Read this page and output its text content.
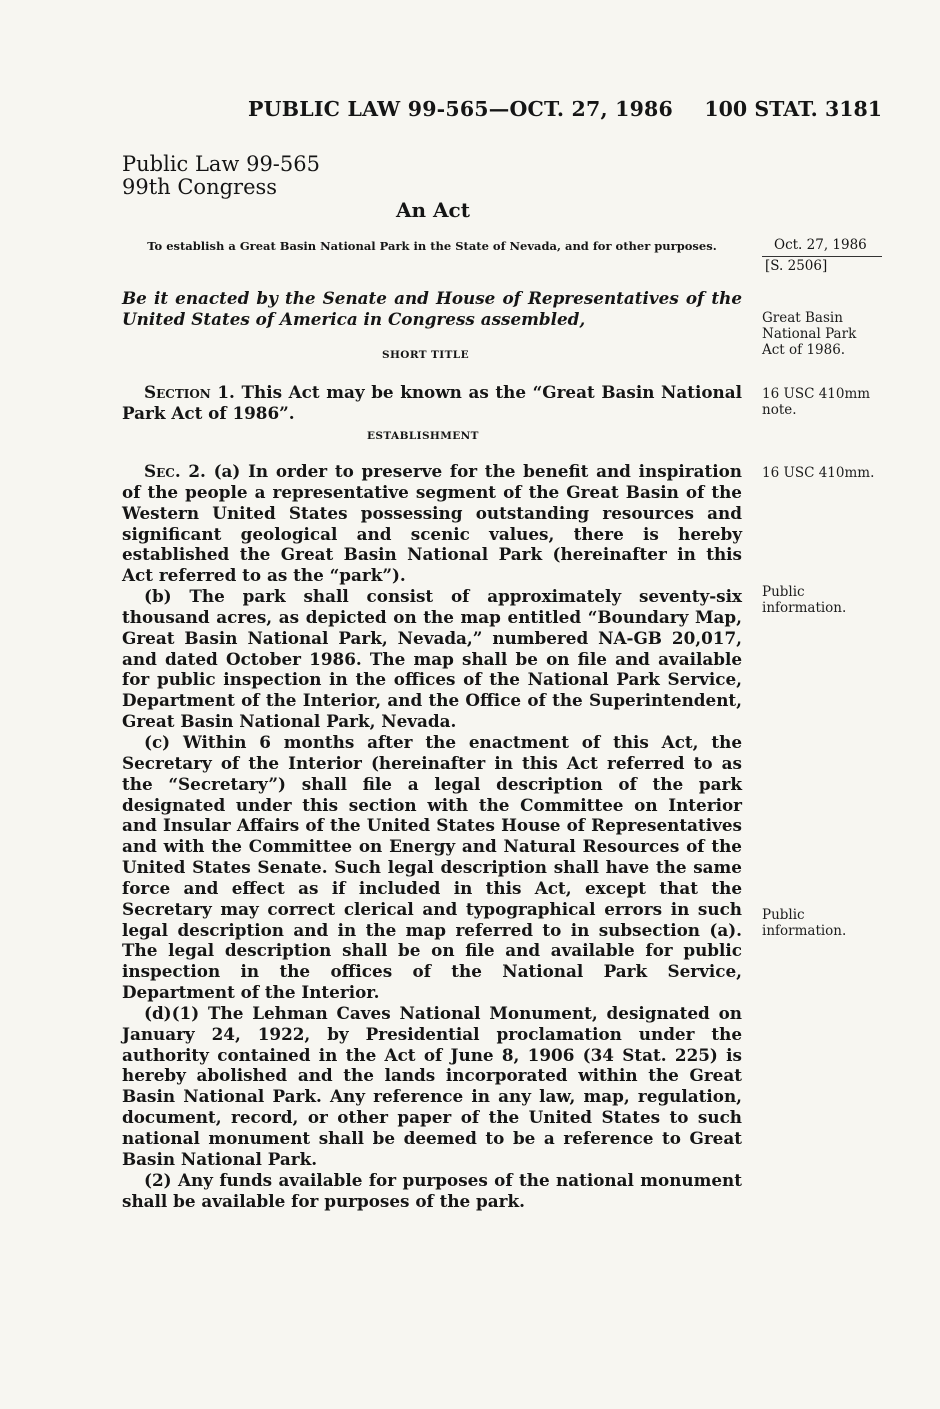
PUBLIC LAW 99-565—OCT. 27, 1986 100 STAT. 3181
Public Law 99-565
99th Congress
An Act
To establish a Great Basin National Park in the State of Nevada, and for other purposes.	Oct. 27, 1986
[S. 2506]
Be it enacted by the Senate and House of Representatives of the United States of America in Congress assembled,	Great Basin National Park Act of 1986.
SHORT TITLE
Section 1. This Act may be known as the “Great Basin National Park Act of 1986”.
16 USC 410mm note.
ESTABLISHMENT
16 USC 410mm.

Sec. 2. (a) In order to preserve for the benefit and inspiration of the people a representative segment of the Great Basin of the Western United States possessing outstanding resources and significant geological and scenic values, there is hereby established the Great Basin National Park (hereinafter in this Act referred to as the “park”).

(b) The park shall consist of approximately seventy-six thousand acres, as depicted on the map entitled “Boundary Map, Great Basin National Park, Nevada,” numbered NA-GB 20,017, and dated October 1986. The map shall be on file and available for public inspection in the offices of the National Park Service, Department of the Interior, and the Office of the Superintendent, Great Basin National Park, Nevada.

(c) Within 6 months after the enactment of this Act, the Secretary of the Interior (hereinafter in this Act referred to as the “Secretary”) shall file a legal description of the park designated under this section with the Committee on Interior and Insular Affairs of the United States House of Representatives and with the Committee on Energy and Natural Resources of the United States Senate. Such legal description shall have the same force and effect as if included in this Act, except that the Secretary may correct clerical and typographical errors in such legal description and in the map referred to in subsection (a). The legal description shall be on file and available for public inspection in the offices of the National Park Service, Department of the Interior.

(d)(1) The Lehman Caves National Monument, designated on January 24, 1922, by Presidential proclamation under the authority contained in the Act of June 8, 1906 (34 Stat. 225) is hereby abolished and the lands incorporated within the Great Basin National Park. Any reference in any law, map, regulation, document, record, or other paper of the United States to such national monument shall be deemed to be a reference to Great Basin National Park.

(2) Any funds available for purposes of the national monument shall be available for purposes of the park.

Public information.
Public information.
